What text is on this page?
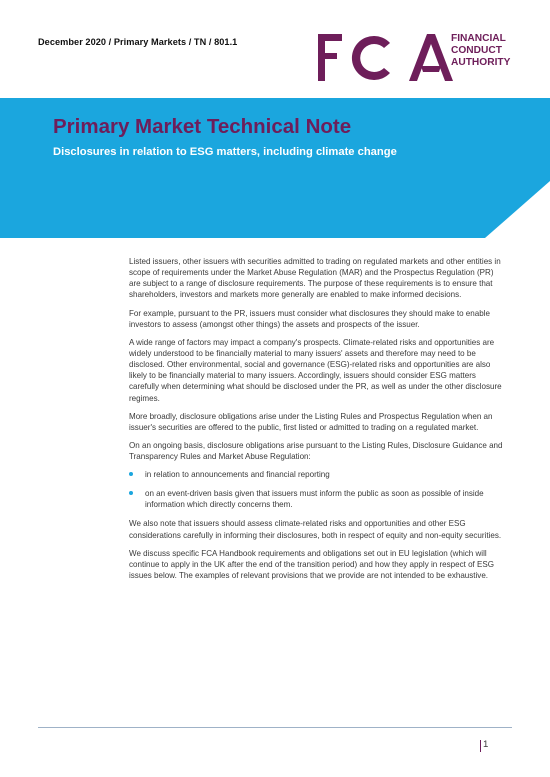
December 2020 / Primary Markets / TN / 801.1	FINANCIAL
CONDUCT
AUTHORITY
Primary Market Technical Note
Disclosures in relation to ESG matters, including climate change

Listed issuers, other issuers with securities admitted to trading on regulated markets and other entities in scope of requirements under the Market Abuse Regulation (MAR) and the Prospectus Regulation (PR) are subject to a range of disclosure requirements. The purpose of these requirements is to ensure that shareholders, investors and markets more generally are enabled to make informed decisions.

For example, pursuant to the PR, issuers must consider what disclosures they should make to enable investors to assess (amongst other things) the assets and prospects of the issuer.

A wide range of factors may impact a company's prospects. Climate-related risks and opportunities are widely understood to be financially material to many issuers' assets and therefore may need to be disclosed. Other environmental, social and governance (ESG)-related risks and opportunities are also likely to be financially material to many issuers. Accordingly, issuers should consider ESG matters carefully when determining what should be disclosed under the PR, as well as under the other disclosure regimes.

More broadly, disclosure obligations arise under the Listing Rules and Prospectus Regulation when an issuer's securities are offered to the public, first listed or admitted to trading on a regulated market.

On an ongoing basis, disclosure obligations arise pursuant to the Listing Rules, Disclosure Guidance and Transparency Rules and Market Abuse Regulation:

in relation to announcements and financial reporting
on an event-driven basis given that issuers must inform the public as soon as possible of inside information which directly concerns them.

We also note that issuers should assess climate-related risks and opportunities and other ESG considerations carefully in informing their disclosures, both in respect of equity and non-equity securities.

We discuss specific FCA Handbook requirements and obligations set out in EU legislation (which will continue to apply in the UK after the end of the transition period) and how they apply in respect of ESG issues below. The examples of relevant provisions that we provide are not intended to be exhaustive.

1
